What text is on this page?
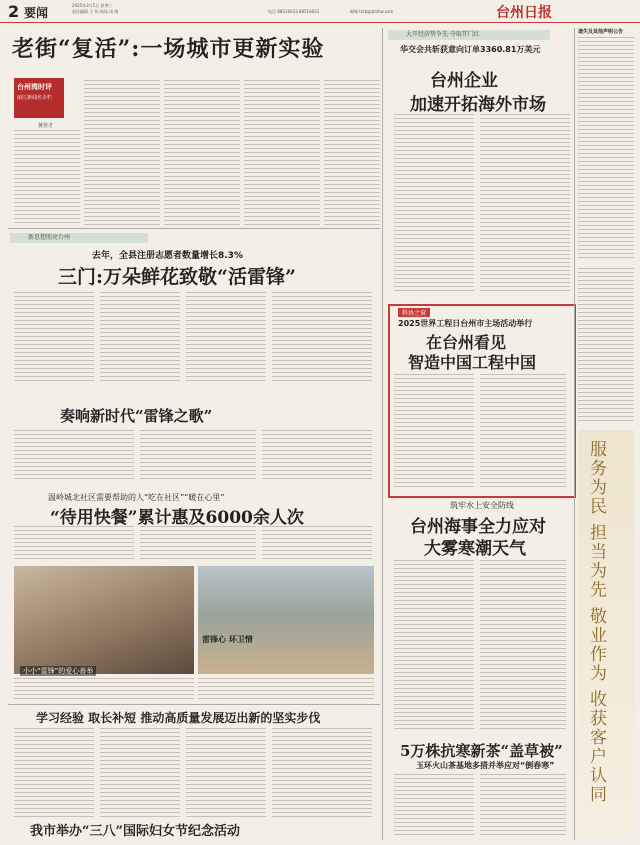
2 要闻
2025年3月5日 星期三
责任编辑 王 伟 校读 周 婉	电话 88516033 88516032	邮箱 tzrb@zjtzhw.com	台州日报
老街“复活”:一场城市更新实验
台州湾时评
丽江新闻名专栏
黄佳才
新思想照亮台州
去年，全县注册志愿者数量增长8.3%
三门:万朵鲜花致敬“活雷锋”
奏响新时代“雷锋之歌”
温岭城北社区需要帮助的人“吃在社区”“暖在心里”
“待用快餐”累计惠及6000余人次
小小“雷锋”的爱心善举
雷锋心 环卫情
学习经验 取长补短 推动高质量发展迈出新的坚实步伐
我市举办“三八”国际妇女节纪念活动
大开经济势争先·夺取开门红
华交会共斩获意向订单3360.81万美元
台州企业
加速开拓海外市场
科协之窗
2025世界工程日台州市主场活动举行
在台州看见
智造中国工程中国
筑牢水上安全防线
台州海事全力应对
大雾寒潮天气
5万株抗寒新茶“盖草被”
玉环火山茶基地多措并举应对“倒春寒”
遗失及其他声明公告
服务为民 担当为先 敬业作为 收获客户认同
